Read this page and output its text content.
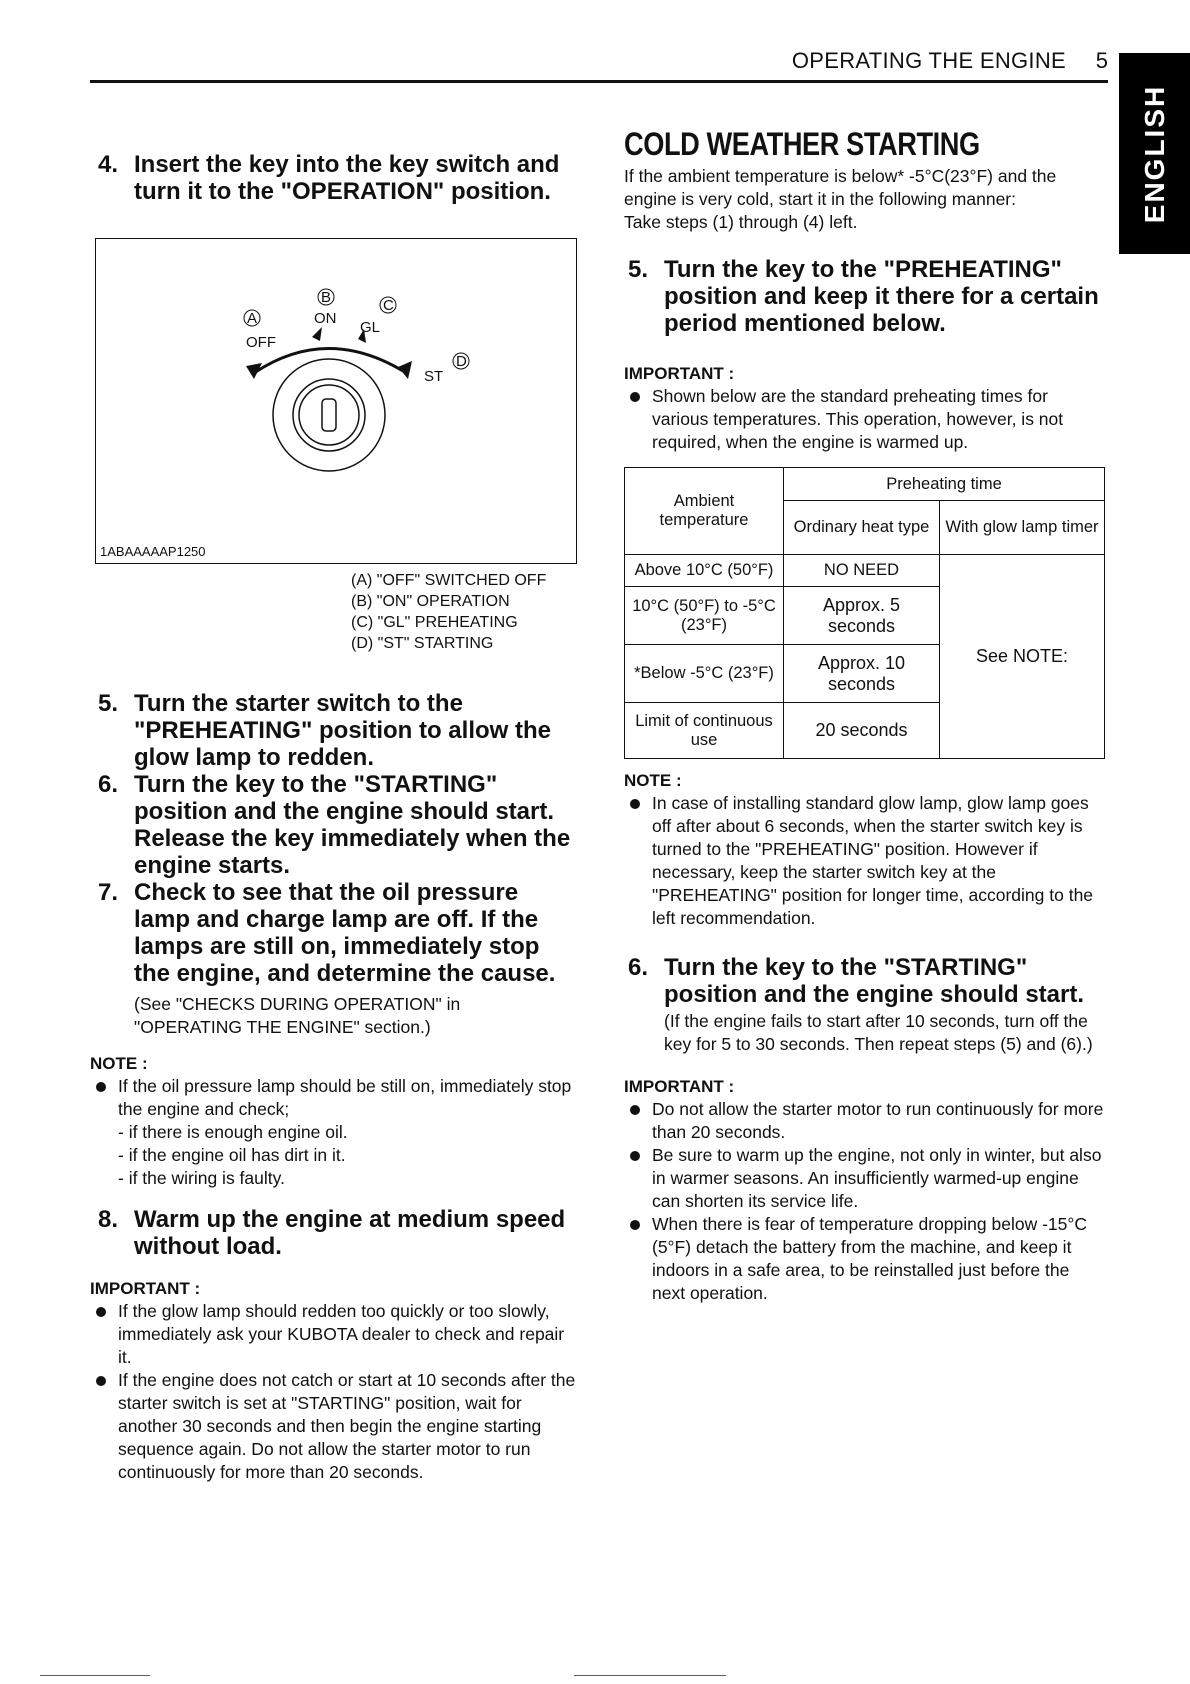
OPERATING THE ENGINE 5
ENGLISH
4. Insert the key into the key switch and turn it to the "OPERATION" position.
A
B	C
D
OFF
ON
GL
ST
1ABAAAAAP1250
(A) "OFF" SWITCHED OFF
(B) "ON" OPERATION
(C) "GL" PREHEATING
(D) "ST" STARTING
5. Turn the starter switch to the "PREHEATING" position to allow the glow lamp to redden.
6. Turn the key to the "STARTING" position and the engine should start. Release the key immediately when the engine starts.
7. Check to see that the oil pressure lamp and charge lamp are off. If the lamps are still on, immediately stop the engine, and determine the cause.
(See "CHECKS DURING OPERATION" in "OPERATING THE ENGINE" section.)
NOTE :
If the oil pressure lamp should be still on, immediately stop the engine and check;
- if there is enough engine oil.
- if the engine oil has dirt in it.
- if the wiring is faulty.
8. Warm up the engine at medium speed without load.
IMPORTANT :
If the glow lamp should redden too quickly or too slowly, immediately ask your KUBOTA dealer to check and repair it.
If the engine does not catch or start at 10 seconds after the starter switch is set at "STARTING" position, wait for another 30 seconds and then begin the engine starting sequence again. Do not allow the starter motor to run continuously for more than 20 seconds.
COLD WEATHER STARTING
If the ambient temperature is below* -5°C(23°F) and the engine is very cold, start it in the following manner:
Take steps (1) through (4) left.
5. Turn the key to the "PREHEATING" position and keep it there for a certain period mentioned below.
IMPORTANT :
Shown below are the standard preheating times for various temperatures. This operation, however, is not required, when the engine is warmed up.
Ambient temperature	Preheating time	
	Ordinary heat type	With glow lamp timer
Above 10°C (50°F)	NO NEED	See NOTE:
10°C (50°F) to -5°C (23°F)	Approx. 5 seconds	
*Below -5°C (23°F)	Approx. 10 seconds	
Limit of continuous use	20 seconds	
NOTE :
In case of installing standard glow lamp, glow lamp goes off after about 6 seconds, when the starter switch key is turned to the "PREHEATING" position. However if necessary, keep the starter switch key at the "PREHEATING" position for longer time, according to the left recommendation.
6. Turn the key to the "STARTING" position and the engine should start.
(If the engine fails to start after 10 seconds, turn off the key for 5 to 30 seconds. Then repeat steps (5) and (6).)
IMPORTANT :
Do not allow the starter motor to run continuously for more than 20 seconds.
Be sure to warm up the engine, not only in winter, but also in warmer seasons. An insufficiently warmed-up engine can shorten its service life.
When there is fear of temperature dropping below -15°C (5°F) detach the battery from the machine, and keep it indoors in a safe area, to be reinstalled just before the next operation.
